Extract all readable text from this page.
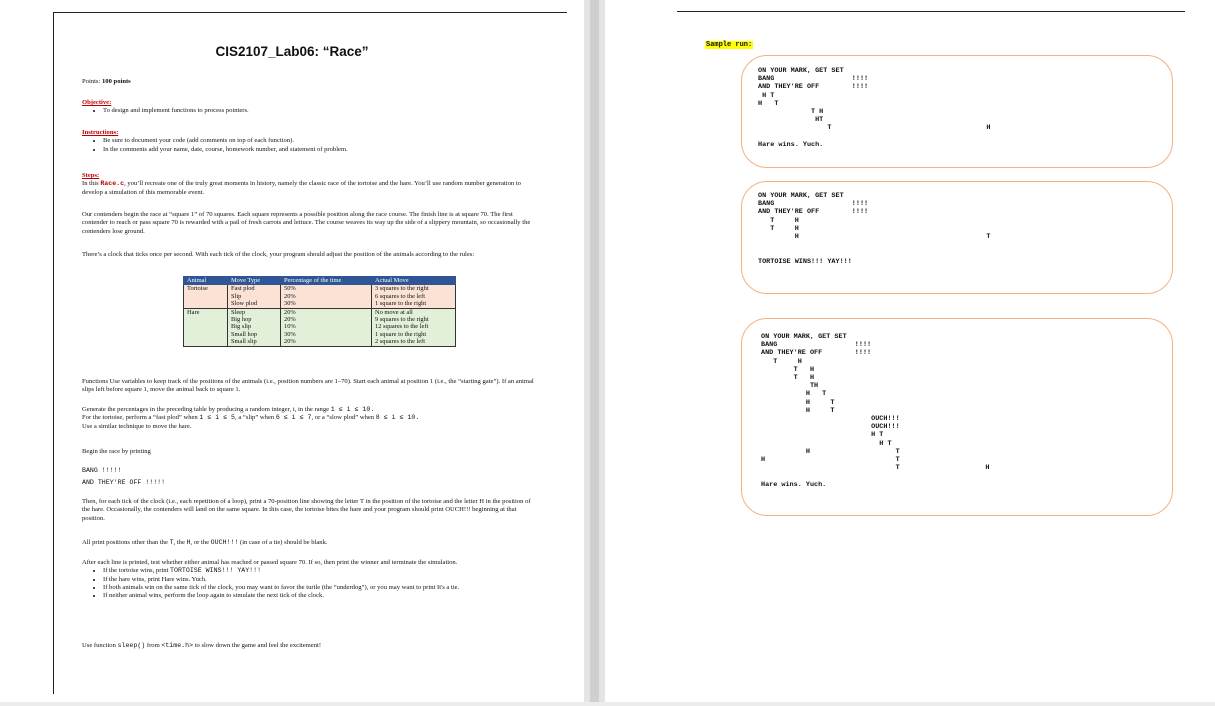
CIS2107_Lab06: “Race”
Points: 100 points
Objective:
• To design and implement functions to process pointers.
Instructions:
• Be sure to document your code (add comments on top of each function).
• In the comments add your name, date, course, homework number, and statement of problem.
Steps:
In this Race.c, you’ll recreate one of the truly great moments in history, namely the classic race of the tortoise and the hare. You’ll use random number generation to develop a simulation of this memorable event.
Our contenders begin the race at “square 1” of 70 squares. Each square represents a possible position along the race course. The finish line is at square 70. The first contender to reach or pass square 70 is rewarded with a pail of fresh carrots and lettuce. The course weaves its way up the side of a slippery mountain, so occasionally the contenders lose ground.
There’s a clock that ticks once per second. With each tick of the clock, your program should adjust the position of the animals according to the rules:
Animal	Move Type	Percentage of the time	Actual Move
Tortoise	Fast plod	50%	3 squares to the right
	Slip	20%	6 squares to the left
	Slow plod	30%	1 square to the right
Hare	Sleep	20%	No move at all
	Big hop	20%	9 squares to the right
	Big slip	10%	12 squares to the left
	Small hop	30%	1 square to the right
	Small slip	20%	2 squares to the left
Functions Use variables to keep track of the positions of the animals (i.e., position numbers are 1–70). Start each animal at position 1 (i.e., the “starting gate”). If an animal slips left before square 1, move the animal back to square 1.
Generate the percentages in the preceding table by producing a random integer, i, in the range 1 ≤ i ≤ 10.
For the tortoise, perform a “fast plod” when 1 ≤ i ≤ 5, a “slip” when 6 ≤ i ≤ 7, or a “slow plod” when 8 ≤ i ≤ 10.
Use a similar technique to move the hare.
Begin the race by printing
BANG !!!!!
AND THEY'RE OFF !!!!!
Then, for each tick of the clock (i.e., each repetition of a loop), print a 70-position line showing the letter T in the position of the tortoise and the letter H in the position of the hare. Occasionally, the contenders will land on the same square. In this case, the tortoise bites the hare and your program should print OUCH!!! beginning at that position.
All print positions other than the T, the H, or the OUCH!!! (in case of a tie) should be blank.
After each line is printed, test whether either animal has reached or passed square 70. If so, then print the winner and terminate the simulation.
• If the tortoise wins, print TORTOISE WINS!!! YAY!!!
• If the hare wins, print Hare wins. Yuch.
• If both animals win on the same tick of the clock, you may want to favor the turtle (the “underdog”), or you may want to print It's a tie.
• If neither animal wins, perform the loop again to simulate the next tick of the clock.
Use function sleep() from <time.h> to slow down the game and feel the excitement!
Sample run:
ON YOUR MARK, GET SET
BANG                   !!!!
AND THEY'RE OFF        !!!!
H T
H   T
T H
HT
T                                      H

Hare wins. Yuch.
ON YOUR MARK, GET SET
BANG                   !!!!
AND THEY'RE OFF        !!!!
T     H
T     H
H                                              T

TORTOISE WINS!!! YAY!!!
ON YOUR MARK, GET SET
BANG                   !!!!
AND THEY'RE OFF        !!!!
T     H
T   H
T   H
TH
H   T
H     T
H     T
OUCH!!!
OUCH!!!
H T
H T
H                     T
H                                T
T                     H

Hare wins. Yuch.
